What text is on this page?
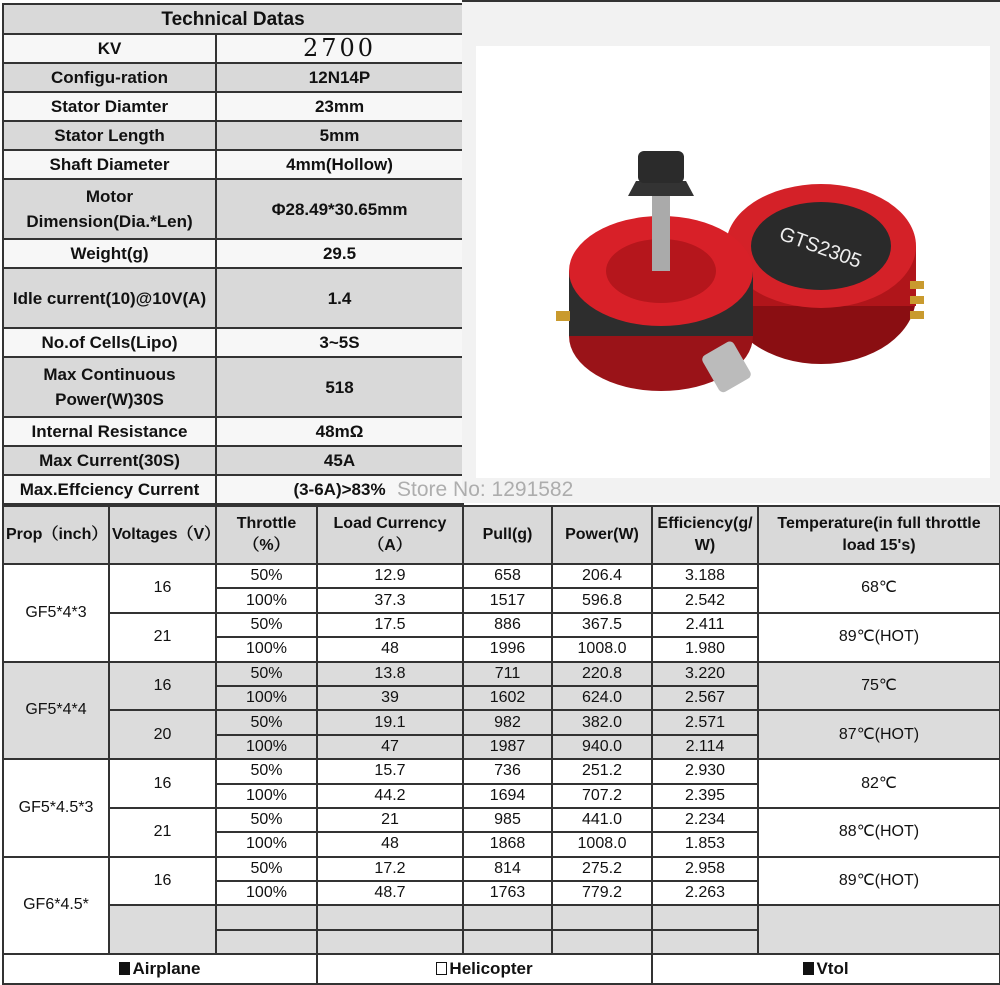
Technical Datas	
KV	2700
Configu-ration	12N14P
Stator Diamter	23mm
Stator Length	5mm
Shaft Diameter	4mm(Hollow)
Motor Dimension(Dia.*Len)	Φ28.49*30.65mm
Weight(g)	29.5
Idle current(10)@10V(A)	1.4
No.of Cells(Lipo)	3~5S
Max Continuous Power(W)30S	518
Internal Resistance	48mΩ
Max Current(30S)	45A
Max.Effciency Current	(3-6A)>83%
GTS2305
Prop（inch）	Voltages（V）	Throttle（%）	Load Currency（A）	Pull(g)	Power(W)	Efficiency(g/W)	Temperature(in full throttle load 15's)
GF5*4*3	16	50%	12.9	658	206.4	3.188	68℃
		100%	37.3	1517	596.8	2.542	
	21	50%	17.5	886	367.5	2.411	89℃(HOT)
		100%	48	1996	1008.0	1.980	
GF5*4*4	16	50%	13.8	711	220.8	3.220	75℃
		100%	39	1602	624.0	2.567	
	20	50%	19.1	982	382.0	2.571	87℃(HOT)
		100%	47	1987	940.0	2.114	
GF5*4.5*3	16	50%	15.7	736	251.2	2.930	82℃
		100%	44.2	1694	707.2	2.395	
	21	50%	21	985	441.0	2.234	88℃(HOT)
		100%	48	1868	1008.0	1.853	
GF6*4.5*	16	50%	17.2	814	275.2	2.958	89℃(HOT)
		100%	48.7	1763	779.2	2.263	

Airplane			Helicopter			Vtol	
Store No: 1291582
